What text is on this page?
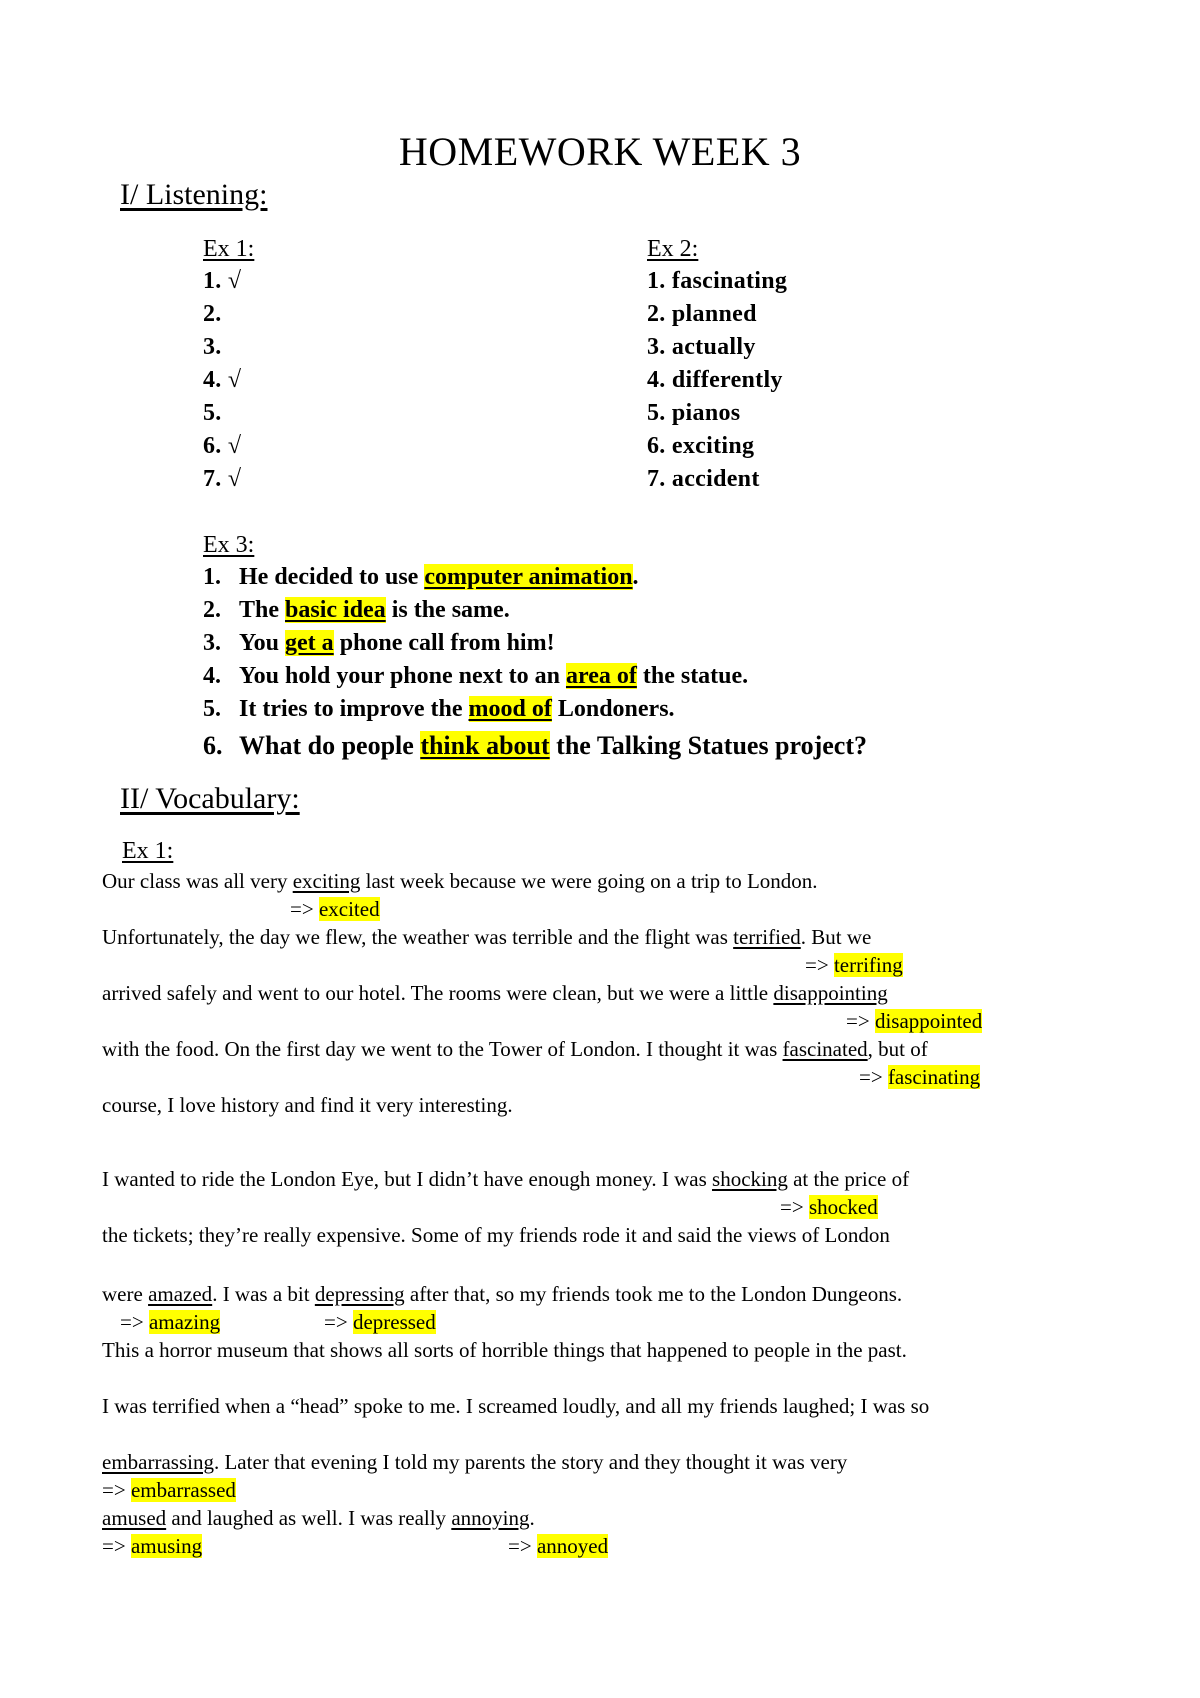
HOMEWORK WEEK 3
I/ Listening:
Ex 1:
1. √
2.
3.
4. √
5.
6. √
7. √
Ex 2:
1. fascinating
2. planned
3. actually
4. differently
5. pianos
6. exciting
7. accident
Ex 3:
1. He decided to use computer animation.
2. The basic idea is the same.
3. You get a phone call from him!
4. You hold your phone next to an area of the statue.
5. It tries to improve the mood of Londoners.
6. What do people think about the Talking Statues project?
II/ Vocabulary:
Ex 1:
Our class was all very exciting last week because we were going on a trip to London.
=> excited
Unfortunately, the day we flew, the weather was terrible and the flight was terrified. But we
=> terrifing
arrived safely and went to our hotel. The rooms were clean, but we were a little disappointing
=> disappointed
with the food. On the first day we went to the Tower of London. I thought it was fascinated, but of
=> fascinating
course, I love history and find it very interesting.
I wanted to ride the London Eye, but I didn’t have enough money. I was shocking at the price of
=> shocked
the tickets; they’re really expensive. Some of my friends rode it and said the views of London
were amazed. I was a bit depressing after that, so my friends took me to the London Dungeons.
=> amazing	=> depressed
This a horror museum that shows all sorts of horrible things that happened to people in the past.
I was terrified when a “head” spoke to me. I screamed loudly, and all my friends laughed; I was so
embarrassing. Later that evening I told my parents the story and they thought it was very
=> embarrassed
amused and laughed as well. I was really annoying.
=> amusing	=> annoyed
